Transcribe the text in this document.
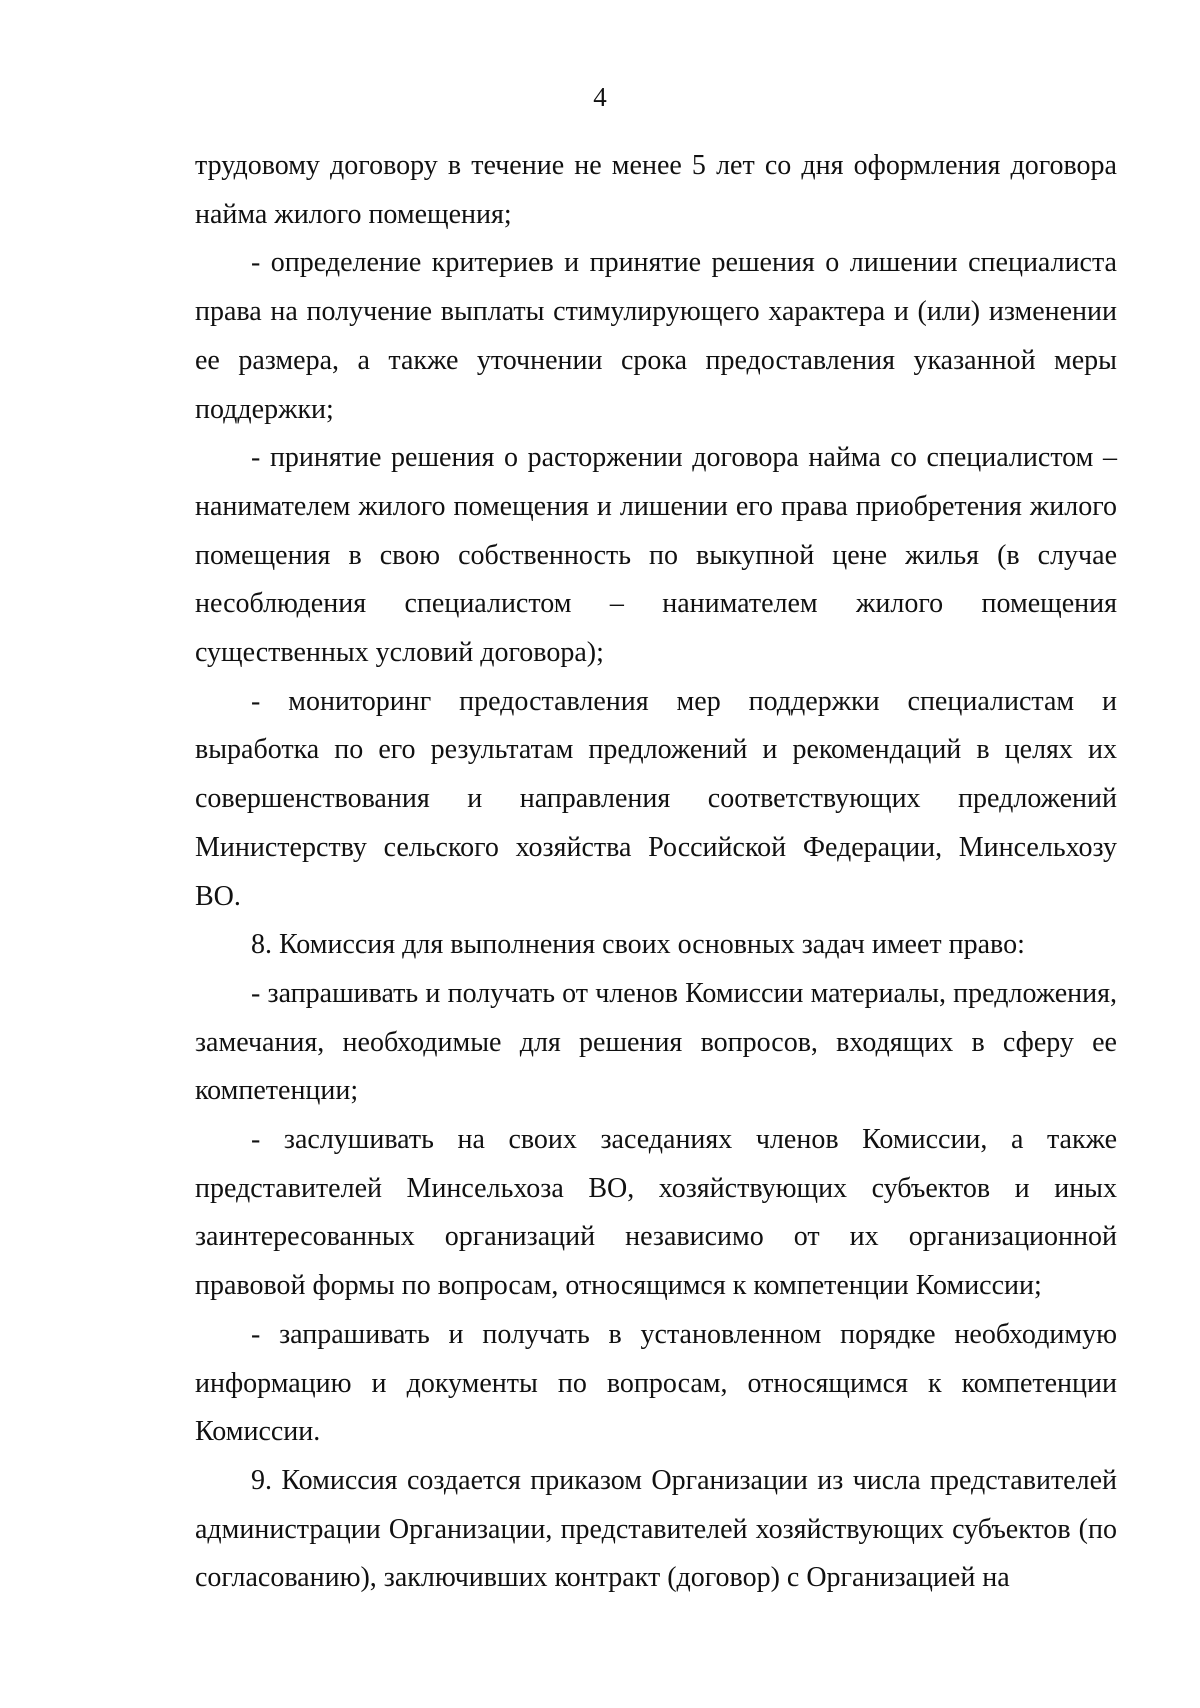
4

трудовому договору в течение не менее 5 лет со дня оформления договора найма жилого помещения;

- определение критериев и принятие решения о лишении специалиста права на получение выплаты стимулирующего характера и (или) изменении ее размера, а также уточнении срока предоставления указанной меры поддержки;

- принятие решения о расторжении договора найма со специалистом – нанимателем жилого помещения и лишении его права приобретения жилого помещения в свою собственность по выкупной цене жилья (в случае несоблюдения специалистом – нанимателем жилого помещения существенных условий договора);

- мониторинг предоставления мер поддержки специалистам и выработка по его результатам предложений и рекомендаций в целях их совершенствования и направления соответствующих предложений Министерству сельского хозяйства Российской Федерации, Минсельхозу ВО.

8. Комиссия для выполнения своих основных задач имеет право:

- запрашивать и получать от членов Комиссии материалы, предложения, замечания, необходимые для решения вопросов, входящих в сферу ее компетенции;

- заслушивать на своих заседаниях членов Комиссии, а также представителей Минсельхоза ВО, хозяйствующих субъектов и иных заинтересованных организаций независимо от их организационной правовой формы по вопросам, относящимся к компетенции Комиссии;

- запрашивать и получать в установленном порядке необходимую информацию и документы по вопросам, относящимся к компетенции Комиссии.

9. Комиссия создается приказом Организации из числа представителей администрации Организации, представителей хозяйствующих субъектов (по согласованию), заключивших контракт (договор) с Организацией на
